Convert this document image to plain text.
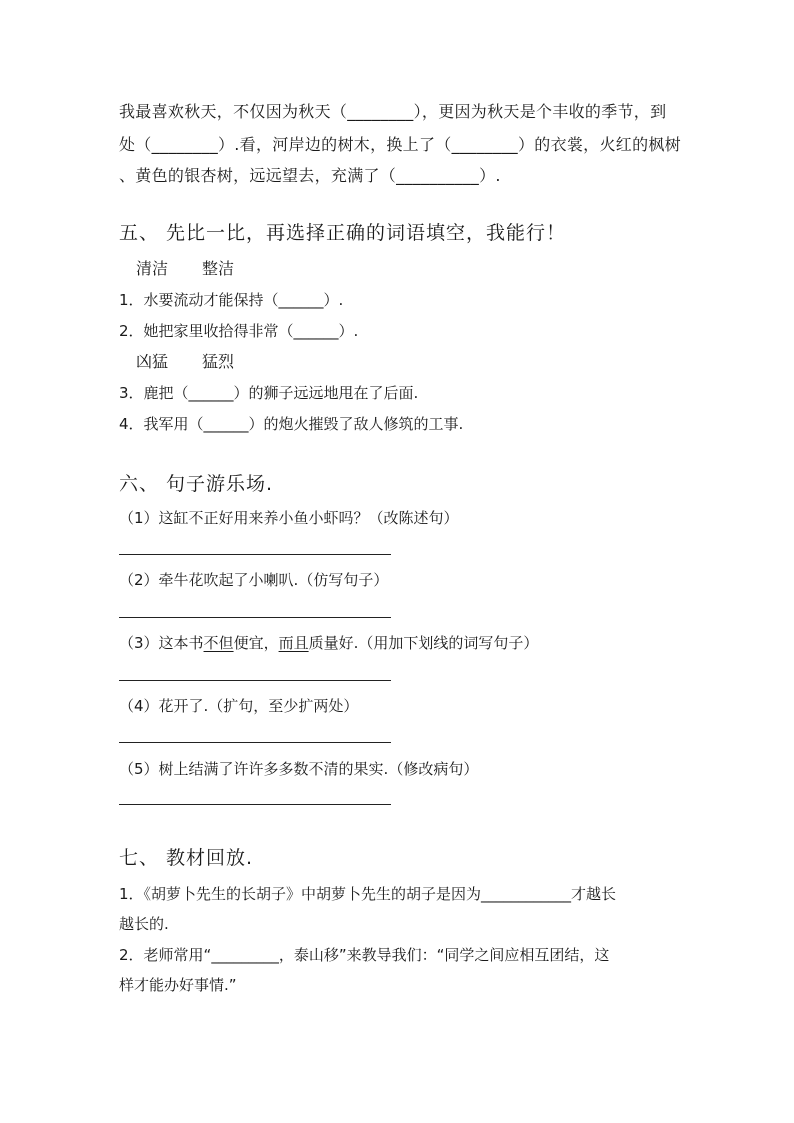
我最喜欢秋天，不仅因为秋天（________），更因为秋天是个丰收的季节，到
处（________）.看，河岸边的树木，换上了（________）的衣裳，火红的枫树
、黄色的银杏树，远远望去，充满了（__________）.
五、 先比一比，再选择正确的词语填空，我能行！
清洁 整洁
1．水要流动才能保持（______）.
2．她把家里收拾得非常（______）.
凶猛 猛烈
3．鹿把（______）的狮子远远地甩在了后面.
4．我军用（______）的炮火摧毁了敌人修筑的工事.
六、 句子游乐场.
（1）这缸不正好用来养小鱼小虾吗？（改陈述句）
（2）牵牛花吹起了小喇叭.（仿写句子）
（3）这本书不但便宜，而且质量好.（用加下划线的词写句子）
（4）花开了.（扩句，至少扩两处）
（5）树上结满了许许多多数不清的果实.（修改病句）
七、 教材回放.
1．《胡萝卜先生的长胡子》中胡萝卜先生的胡子是因为____________才越长
越长的.
2．老师常用“_________，泰山移”来教导我们：“同学之间应相互团结，这
样才能办好事情.”
